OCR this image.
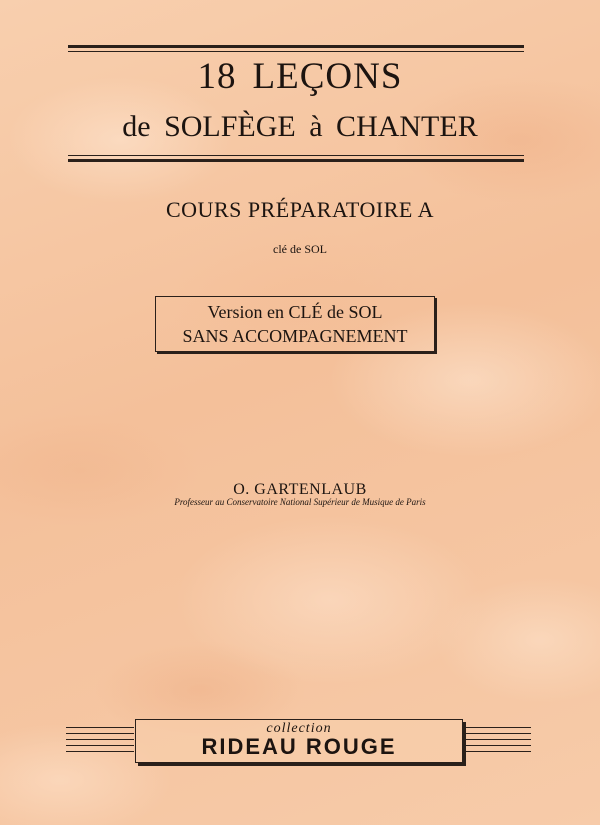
18 LEÇONS
de SOLFÈGE à CHANTER
COURS PRÉPARATOIRE A
clé de SOL
Version en CLÉ de SOL
SANS ACCOMPAGNEMENT
O. GARTENLAUB
Professeur au Conservatoire National Supérieur de Musique de Paris
collection
RIDEAU ROUGE
